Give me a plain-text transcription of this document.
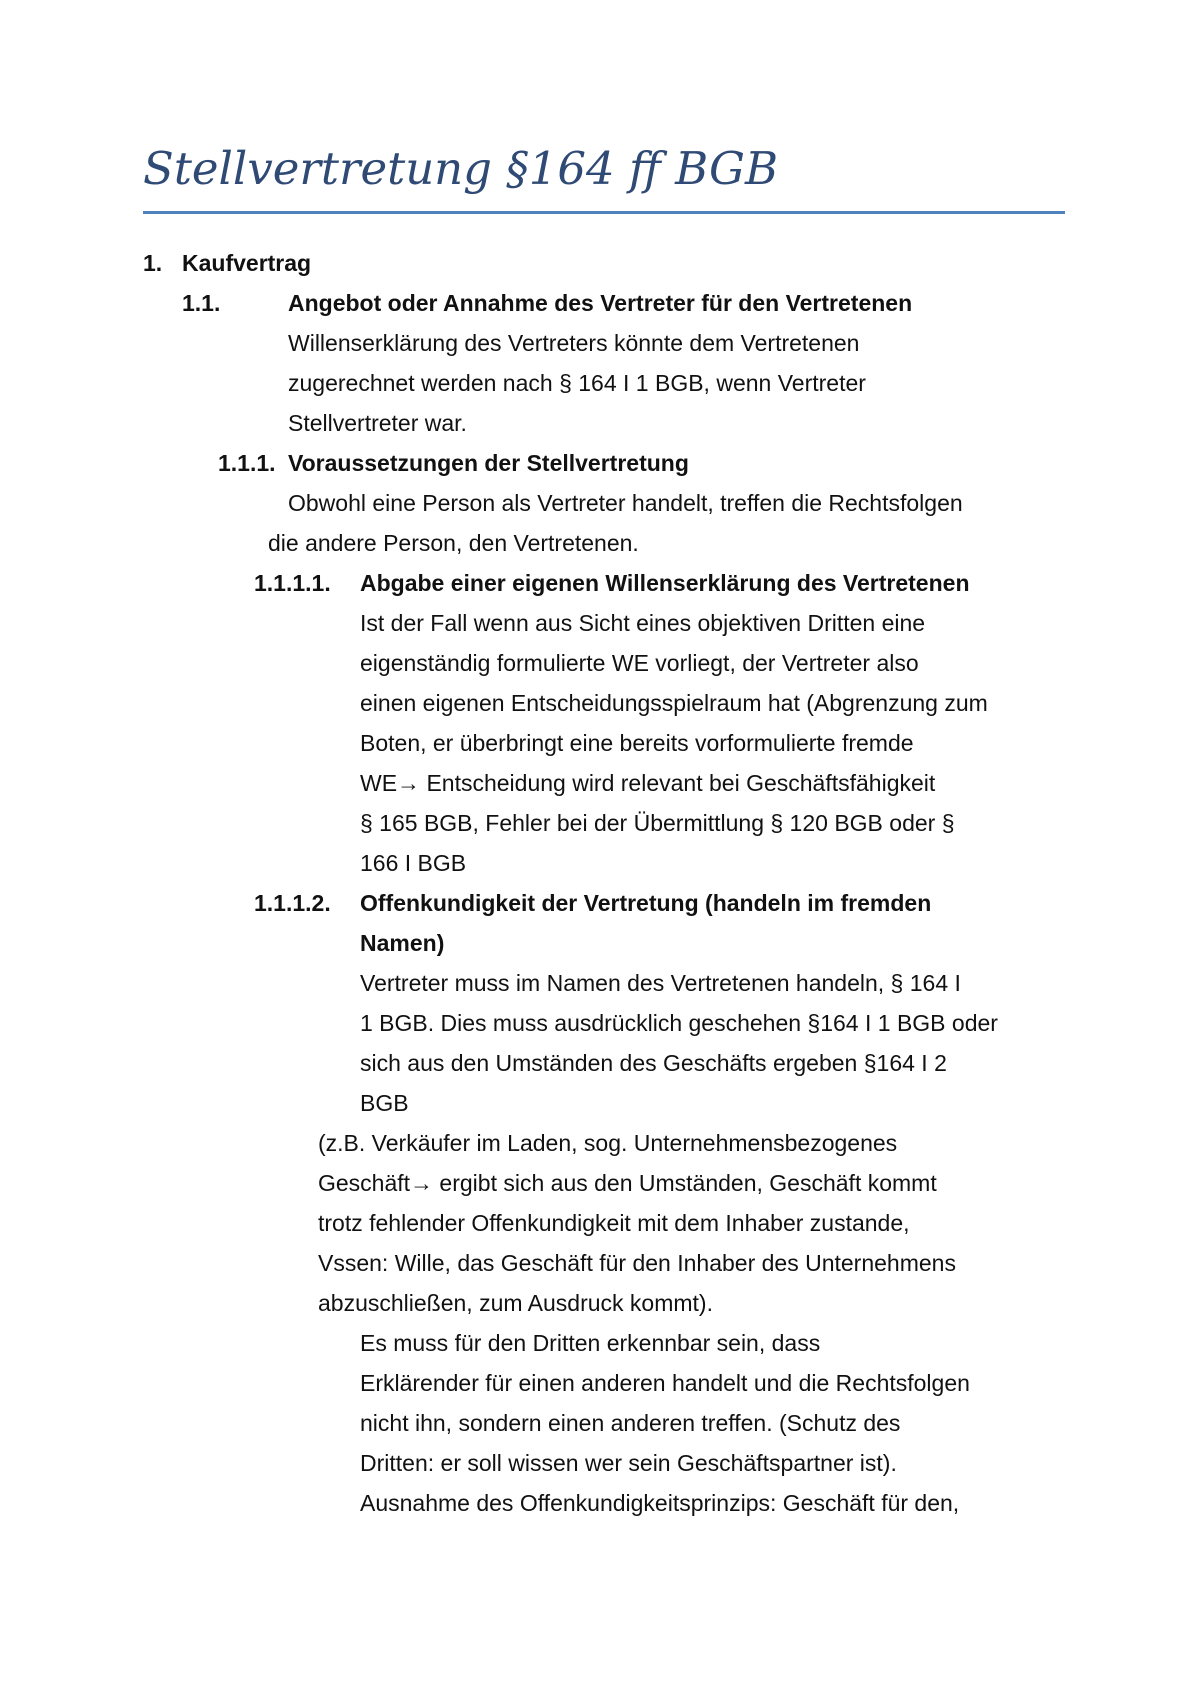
Stellvertretung §164 ff BGB
1. Kaufvertrag
1.1.	Angebot oder Annahme des Vertreter für den Vertretenen
Willenserklärung des Vertreters könnte dem Vertretenen
zugerechnet werden nach § 164 I 1 BGB, wenn Vertreter
Stellvertreter war.
1.1.1. Voraussetzungen der Stellvertretung
Obwohl eine Person als Vertreter handelt, treffen die Rechtsfolgen
die andere Person, den Vertretenen.
1.1.1.1. Abgabe einer eigenen Willenserklärung des Vertretenen
Ist der Fall wenn aus Sicht eines objektiven Dritten eine
eigenständig formulierte WE vorliegt, der Vertreter also
einen eigenen Entscheidungsspielraum hat (Abgrenzung zum
Boten, er überbringt eine bereits vorformulierte fremde
WE→ Entscheidung wird relevant bei Geschäftsfähigkeit
§ 165 BGB, Fehler bei der Übermittlung § 120 BGB oder §
166 I BGB
1.1.1.2. Offenkundigkeit der Vertretung (handeln im fremden
Namen)
Vertreter muss im Namen des Vertretenen handeln, § 164 I
1 BGB. Dies muss ausdrücklich geschehen §164 I 1 BGB oder
sich aus den Umständen des Geschäfts ergeben §164 I 2
BGB
(z.B. Verkäufer im Laden, sog. Unternehmensbezogenes
Geschäft→ ergibt sich aus den Umständen, Geschäft kommt
trotz fehlender Offenkundigkeit mit dem Inhaber zustande,
Vssen: Wille, das Geschäft für den Inhaber des Unternehmens
abzuschließen, zum Ausdruck kommt).
Es muss für den Dritten erkennbar sein, dass
Erklärender für einen anderen handelt und die Rechtsfolgen
nicht ihn, sondern einen anderen treffen. (Schutz des
Dritten: er soll wissen wer sein Geschäftspartner ist).
Ausnahme des Offenkundigkeitsprinzips: Geschäft für den,
